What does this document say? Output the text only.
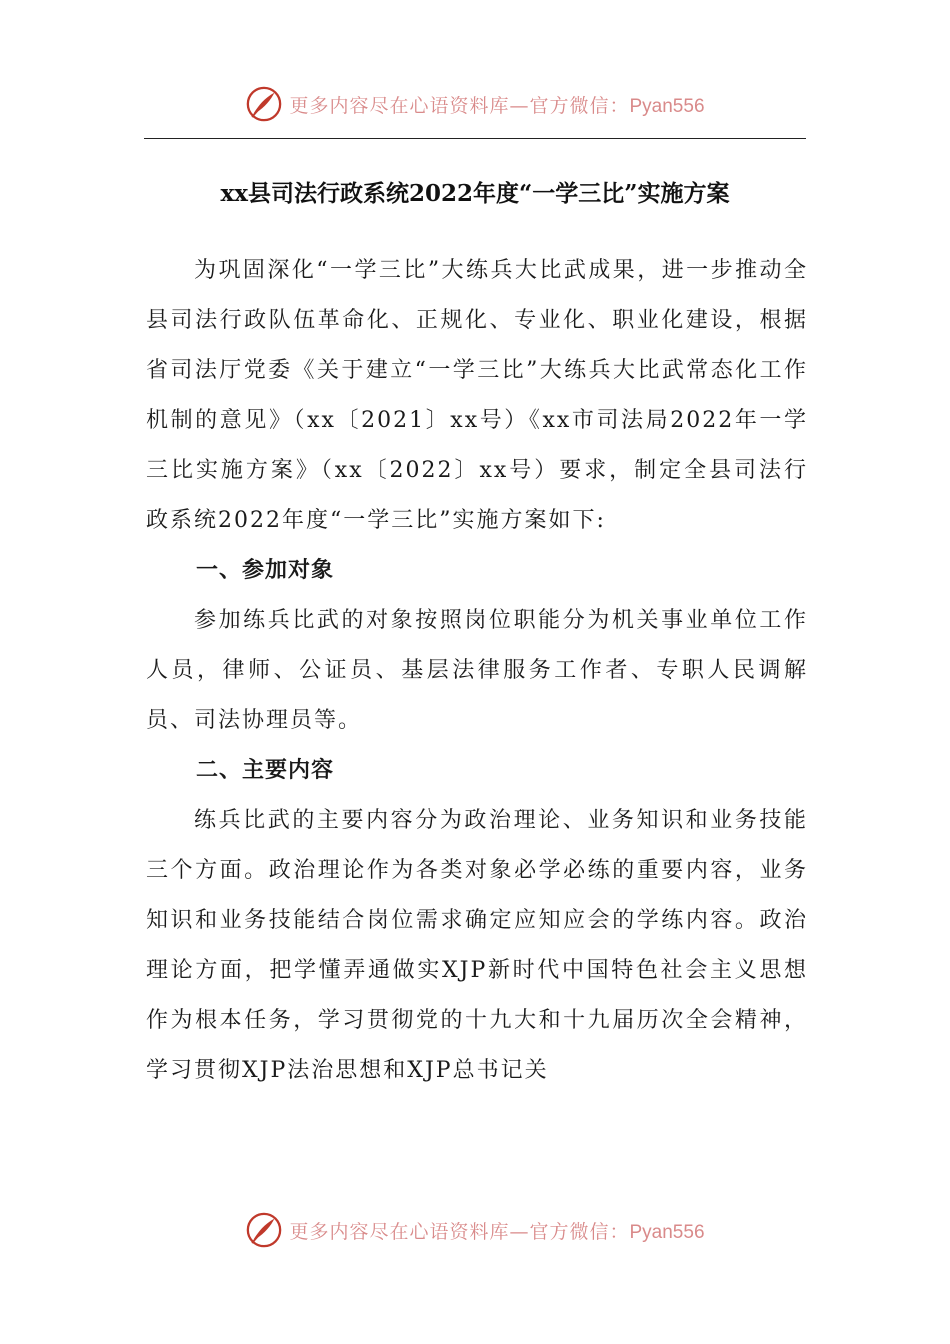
更多内容尽在心语资料库—官方微信：Pyan556
xx县司法行政系统2022年度“一学三比”实施方案

为巩固深化“一学三比”大练兵大比武成果，进一步推动全县司法行政队伍革命化、正规化、专业化、职业化建设，根据省司法厅党委《关于建立“一学三比”大练兵大比武常态化工作机制的意见》（xx〔2021〕xx号）《xx市司法局2022年一学三比实施方案》（xx〔2022〕xx号）要求，制定全县司法行政系统2022年度“一学三比”实施方案如下:

一、参加对象

参加练兵比武的对象按照岗位职能分为机关事业单位工作人员，律师、公证员、基层法律服务工作者、专职人民调解员、司法协理员等。

二、主要内容

练兵比武的主要内容分为政治理论、业务知识和业务技能三个方面。政治理论作为各类对象必学必练的重要内容，业务知识和业务技能结合岗位需求确定应知应会的学练内容。政治理论方面，把学懂弄通做实XJP新时代中国特色社会主义思想作为根本任务，学习贯彻党的十九大和十九届历次全会精神，学习贯彻XJP法治思想和XJP总书记关

更多内容尽在心语资料库—官方微信：Pyan556
